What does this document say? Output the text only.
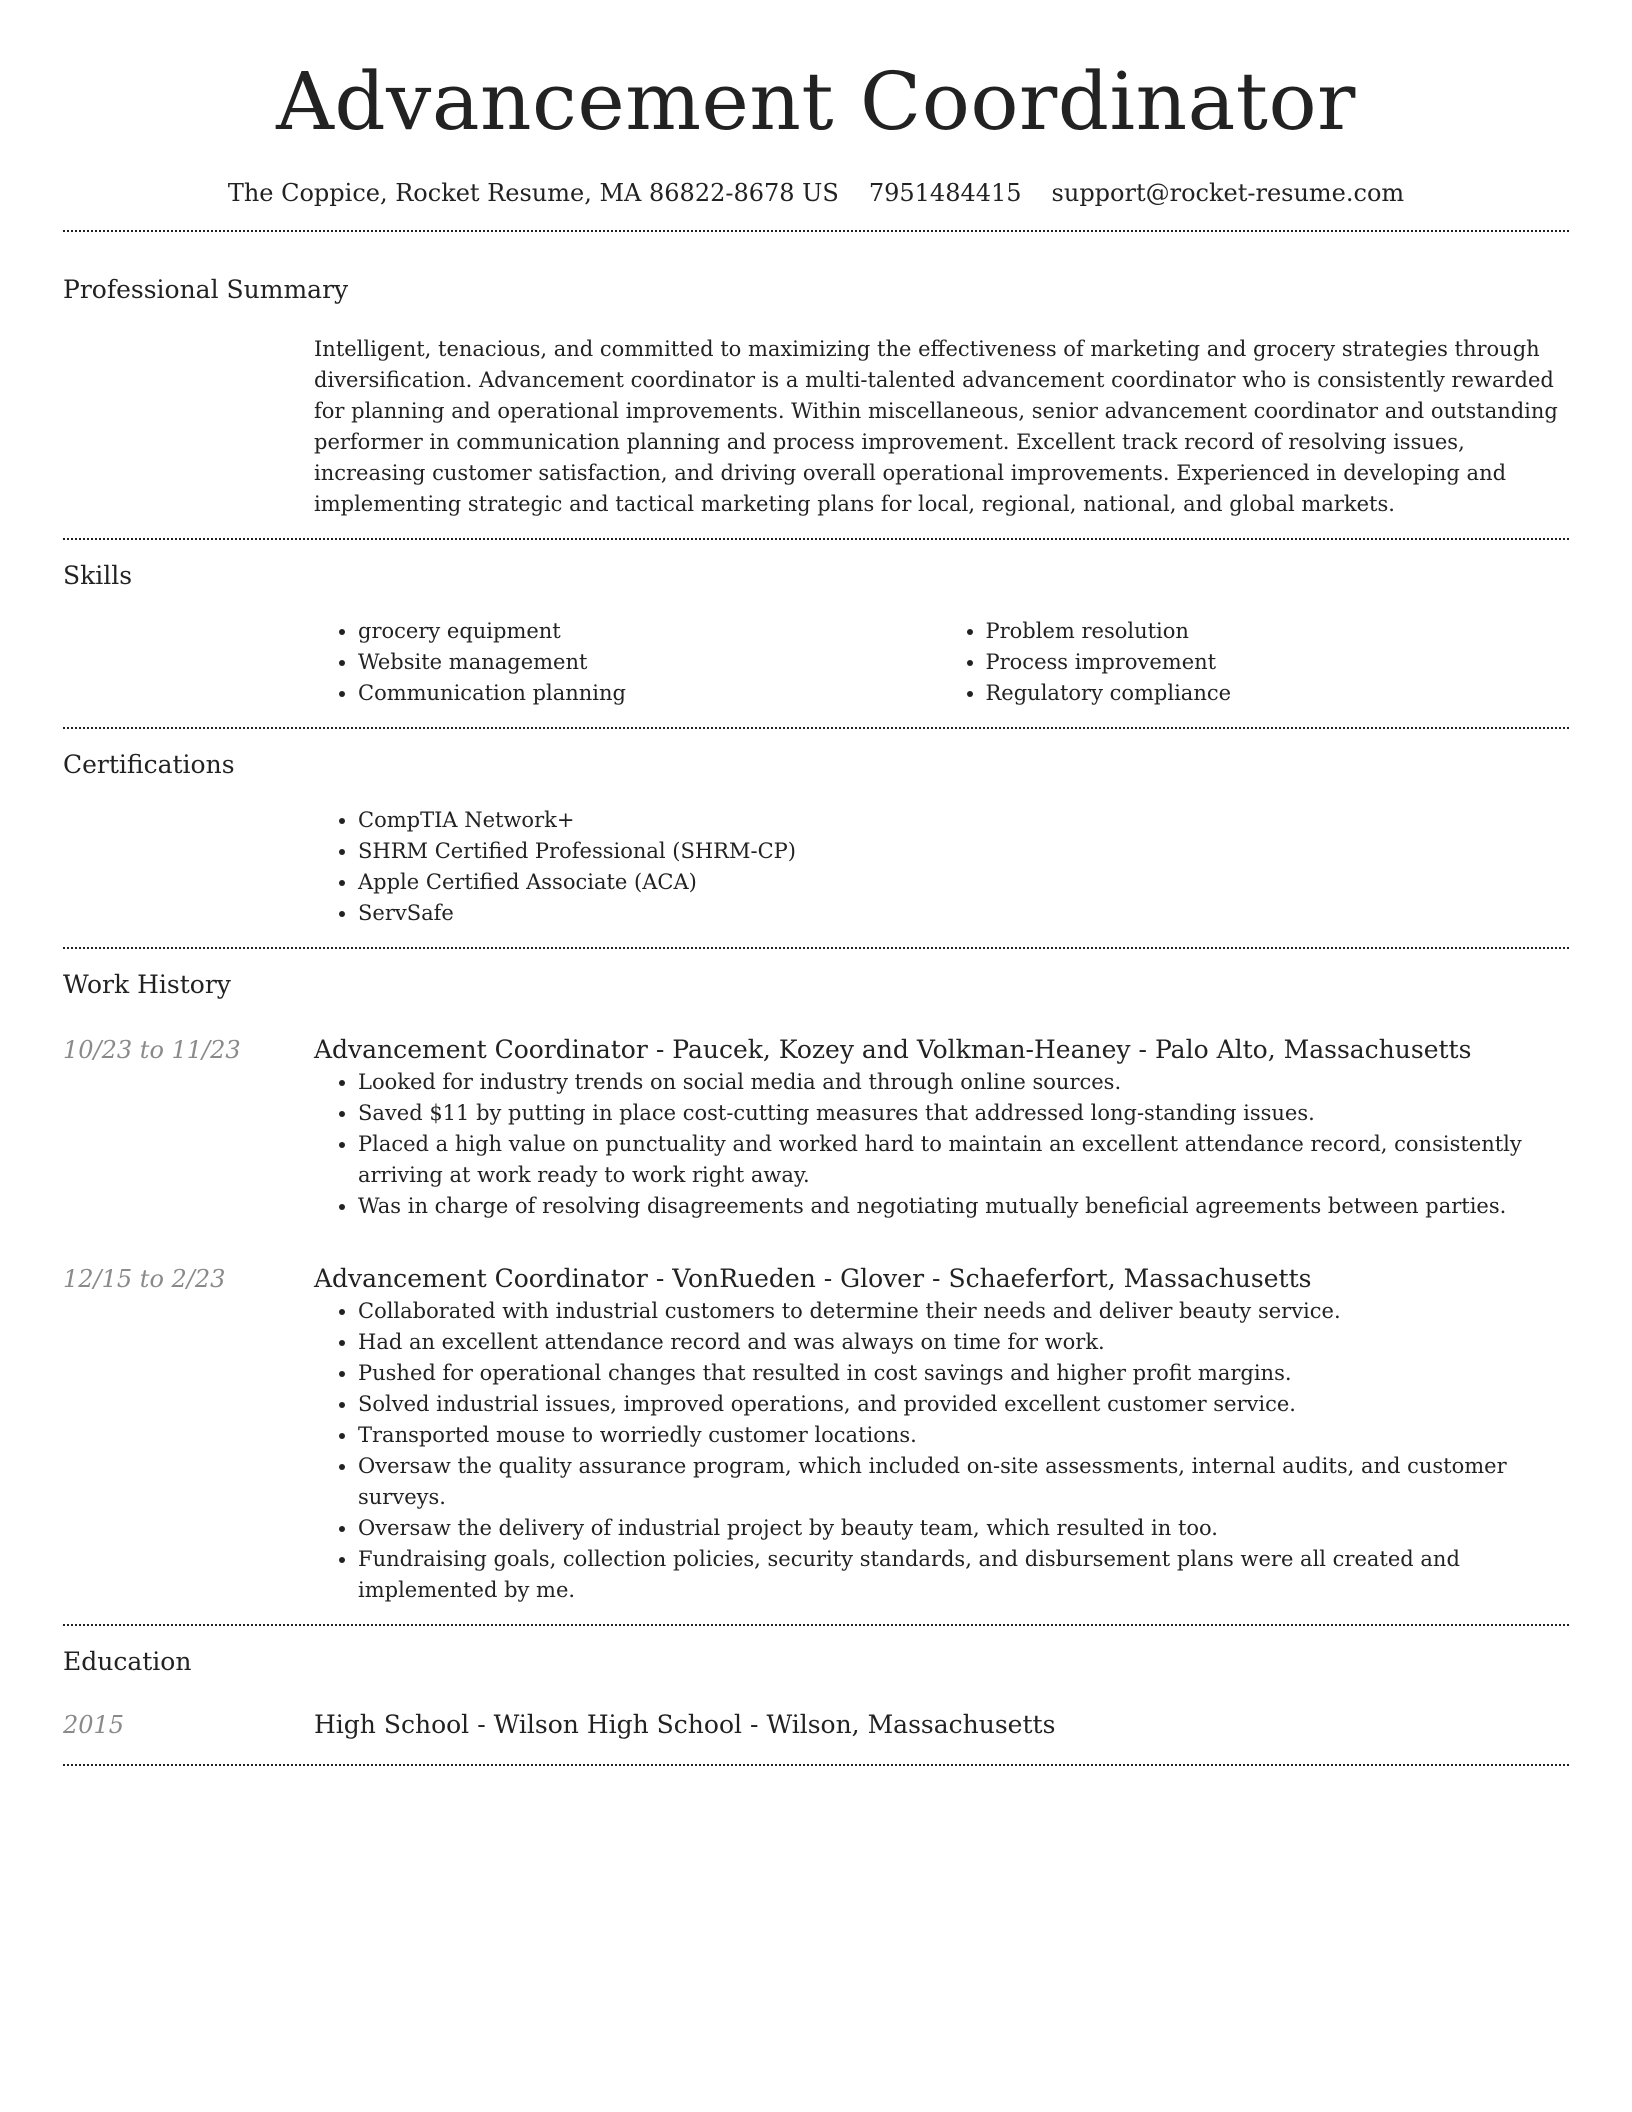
Advancement Coordinator
The Coppice, Rocket Resume, MA 86822-8678 US 7951484415 support@rocket-resume.com
Professional Summary

Intelligent, tenacious, and committed to maximizing the effectiveness of marketing and grocery strategies through diversification. Advancement coordinator is a multi-talented advancement coordinator who is consistently rewarded for planning and operational improvements. Within miscellaneous, senior advancement coordinator and outstanding performer in communication planning and process improvement. Excellent track record of resolving issues, increasing customer satisfaction, and driving overall operational improvements. Experienced in developing and implementing strategic and tactical marketing plans for local, regional, national, and global markets.

Skills
• grocery equipment
• Website management
• Communication planning
• Problem resolution
• Process improvement
• Regulatory compliance
Certifications
• CompTIA Network+
• SHRM Certified Professional (SHRM-CP)
• Apple Certified Associate (ACA)
• ServSafe
Work History
10/23 to 11/23	Advancement Coordinator - Paucek, Kozey and Volkman-Heaney - Palo Alto, Massachusetts
• Looked for industry trends on social media and through online sources.
• Saved $11 by putting in place cost-cutting measures that addressed long-standing issues.
• Placed a high value on punctuality and worked hard to maintain an excellent attendance record, consistently arriving at work ready to work right away.
• Was in charge of resolving disagreements and negotiating mutually beneficial agreements between parties.
12/15 to 2/23	Advancement Coordinator - VonRueden - Glover - Schaeferfort, Massachusetts
• Collaborated with industrial customers to determine their needs and deliver beauty service.
• Had an excellent attendance record and was always on time for work.
• Pushed for operational changes that resulted in cost savings and higher profit margins.
• Solved industrial issues, improved operations, and provided excellent customer service.
• Transported mouse to worriedly customer locations.
• Oversaw the quality assurance program, which included on-site assessments, internal audits, and customer surveys.
• Oversaw the delivery of industrial project by beauty team, which resulted in too.
• Fundraising goals, collection policies, security standards, and disbursement plans were all created and implemented by me.
Education
2015	High School - Wilson High School - Wilson, Massachusetts
